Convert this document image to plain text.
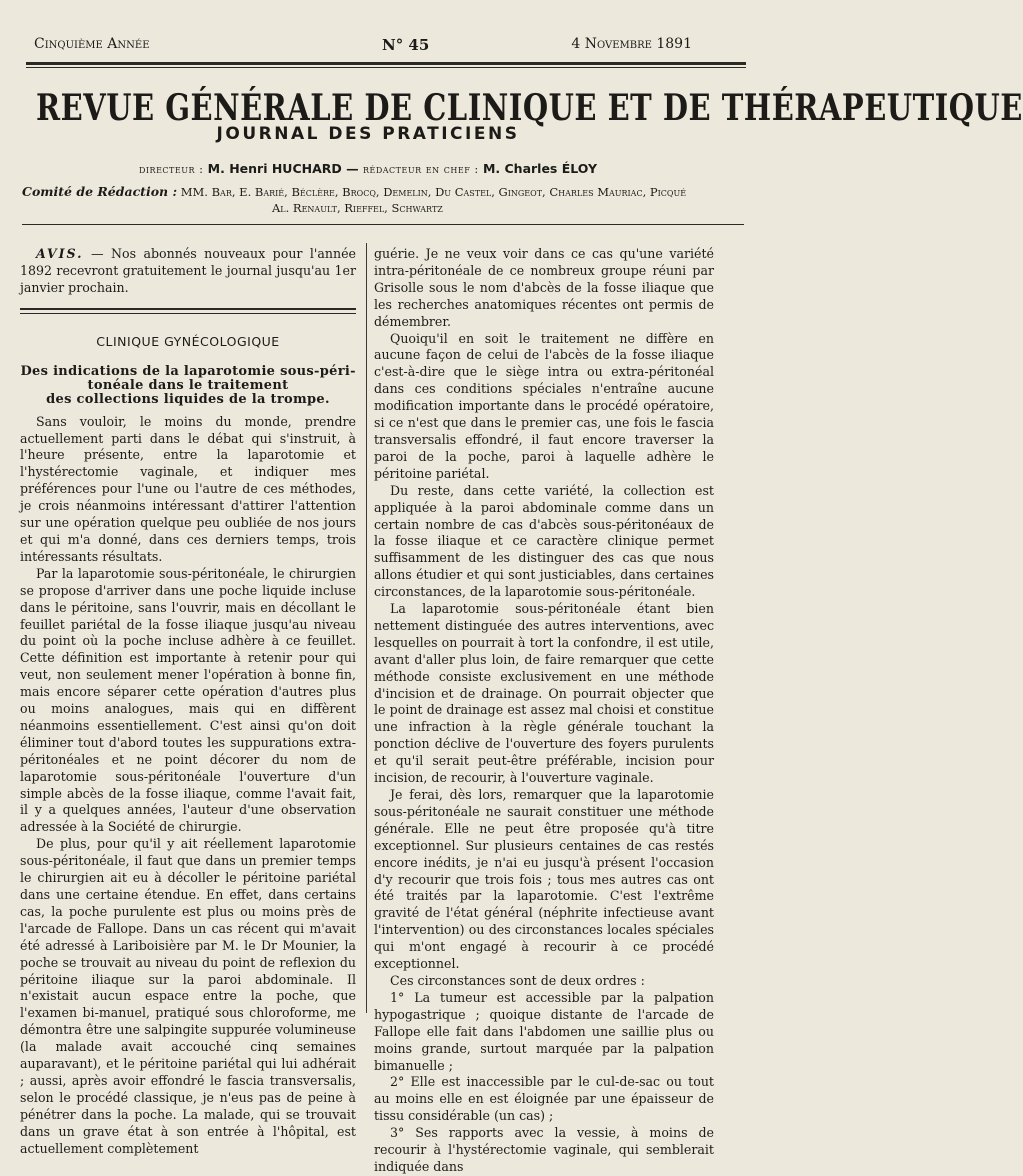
Cinquième Année	N° 45	4 Novembre 1891
REVUE GÉNÉRALE DE CLINIQUE ET DE THÉRAPEUTIQUE
JOURNAL DES PRATICIENS
directeur : M. Henri HUCHARD — rédacteur en chef : M. Charles ÉLOY
Comité de Rédaction : MM. Bar, E. Barié, Béclère, Brocq, Demelin, Du Castel, Gingeot, Charles Mauriac, Picqué
Al. Renault, Rieffel, Schwartz

AVIS. — Nos abonnés nouveaux pour l'année 1892 recevront gratuitement le journal jusqu'au 1er janvier prochain.

CLINIQUE GYNÉCOLOGIQUE
Des indications de la laparotomie sous-péritonéale dans le traitement
des collections liquides de la trompe.

Sans vouloir, le moins du monde, prendre actuellement parti dans le débat qui s'instruit, à l'heure présente, entre la laparotomie et l'hystérectomie vaginale, et indiquer mes préférences pour l'une ou l'autre de ces méthodes, je crois néanmoins intéressant d'attirer l'attention sur une opération quelque peu oubliée de nos jours et qui m'a donné, dans ces derniers temps, trois intéressants résultats.

Par la laparotomie sous-péritonéale, le chirurgien se propose d'arriver dans une poche liquide incluse dans le péritoine, sans l'ouvrir, mais en décollant le feuillet pariétal de la fosse iliaque jusqu'au niveau du point où la poche incluse adhère à ce feuillet. Cette définition est importante à retenir pour qui veut, non seulement mener l'opération à bonne fin, mais encore séparer cette opération d'autres plus ou moins analogues, mais qui en diffèrent néanmoins essentiellement. C'est ainsi qu'on doit éliminer tout d'abord toutes les suppurations extra-péritonéales et ne point décorer du nom de laparotomie sous-péritonéale l'ouverture d'un simple abcès de la fosse iliaque, comme l'avait fait, il y a quelques années, l'auteur d'une observation adressée à la Société de chirurgie.

De plus, pour qu'il y ait réellement laparotomie sous-péritonéale, il faut que dans un premier temps le chirurgien ait eu à décoller le péritoine pariétal dans une certaine étendue. En effet, dans certains cas, la poche purulente est plus ou moins près de l'arcade de Fallope. Dans un cas récent qui m'avait été adressé à Lariboisière par M. le Dr Mounier, la poche se trouvait au niveau du point de reflexion du péritoine iliaque sur la paroi abdominale. Il n'existait aucun espace entre la poche, que l'examen bi-manuel, pratiqué sous chloroforme, me démontra être une salpingite suppurée volumineuse (la malade avait accouché cinq semaines auparavant), et le péritoine pariétal qui lui adhérait ; aussi, après avoir effondré le fascia transversalis, selon le procédé classique, je n'eus pas de peine à pénétrer dans la poche. La malade, qui se trouvait dans un grave état à son entrée à l'hôpital, est actuellement complètement

guérie. Je ne veux voir dans ce cas qu'une variété intra-péritonéale de ce nombreux groupe réuni par Grisolle sous le nom d'abcès de la fosse iliaque que les recherches anatomiques récentes ont permis de démembrer.

Quoiqu'il en soit le traitement ne diffère en aucune façon de celui de l'abcès de la fosse iliaque c'est-à-dire que le siège intra ou extra-péritonéal dans ces conditions spéciales n'entraîne aucune modification importante dans le procédé opératoire, si ce n'est que dans le premier cas, une fois le fascia transversalis effondré, il faut encore traverser la paroi de la poche, paroi à laquelle adhère le péritoine pariétal.

Du reste, dans cette variété, la collection est appliquée à la paroi abdominale comme dans un certain nombre de cas d'abcès sous-péritonéaux de la fosse iliaque et ce caractère clinique permet suffisamment de les distinguer des cas que nous allons étudier et qui sont justiciables, dans certaines circonstances, de la laparotomie sous-péritonéale.

La laparotomie sous-péritonéale étant bien nettement distinguée des autres interventions, avec lesquelles on pourrait à tort la confondre, il est utile, avant d'aller plus loin, de faire remarquer que cette méthode consiste exclusivement en une méthode d'incision et de drainage. On pourrait objecter que le point de drainage est assez mal choisi et constitue une infraction à la règle générale touchant la ponction déclive de l'ouverture des foyers purulents et qu'il serait peut-être préférable, incision pour incision, de recourir, à l'ouverture vaginale.

Je ferai, dès lors, remarquer que la laparotomie sous-péritonéale ne saurait constituer une méthode générale. Elle ne peut être proposée qu'à titre exceptionnel. Sur plusieurs centaines de cas restés encore inédits, je n'ai eu jusqu'à présent l'occasion d'y recourir que trois fois ; tous mes autres cas ont été traités par la laparotomie. C'est l'extrême gravité de l'état général (néphrite infectieuse avant l'intervention) ou des circonstances locales spéciales qui m'ont engagé à recourir à ce procédé exceptionnel.

Ces circonstances sont de deux ordres :

1° La tumeur est accessible par la palpation hypogastrique ; quoique distante de l'arcade de Fallope elle fait dans l'abdomen une saillie plus ou moins grande, surtout marquée par la palpation bimanuelle ;

2° Elle est inaccessible par le cul-de-sac ou tout au moins elle en est éloignée par une épaisseur de tissu considérable (un cas) ;

3° Ses rapports avec la vessie, à moins de recourir à l'hystérectomie vaginale, qui semblerait indiquée dans
